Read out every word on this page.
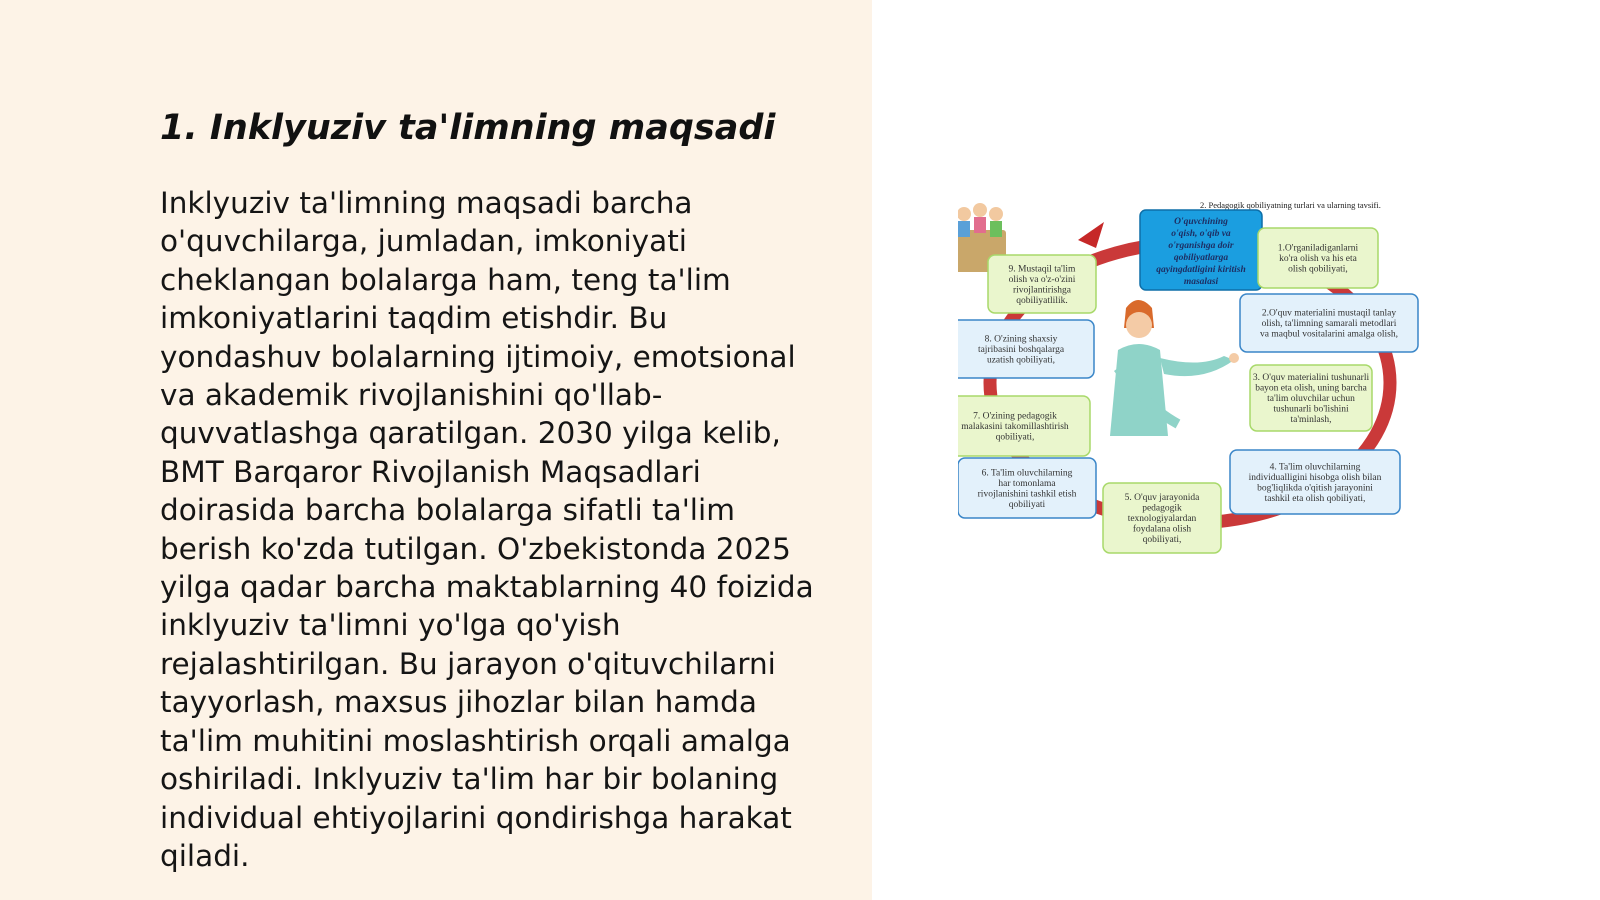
1. Inklyuziv ta'limning maqsadi

Inklyuziv ta'limning maqsadi barcha o'quvchilarga, jumladan, imkoniyati cheklangan bolalarga ham, teng ta'lim imkoniyatlarini taqdim etishdir. Bu yondashuv bolalarning ijtimoiy, emotsional va akademik rivojlanishini qo'llab-quvvatlashga qaratilgan. 2030 yilga kelib, BMT Barqaror Rivojlanish Maqsadlari doirasida barcha bolalarga sifatli ta'lim berish ko'zda tutilgan. O'zbekistonda 2025 yilga qadar barcha maktablarning 40 foizida inklyuziv ta'limni yo'lga qo'yish rejalashtirilgan. Bu jarayon o'qituvchilarni tayyorlash, maxsus jihozlar bilan hamda ta'lim muhitini moslashtirish orqali amalga oshiriladi. Inklyuziv ta'lim har bir bolaning individual ehtiyojlarini qondirishga harakat qiladi.

2. Pedagogik qobiliyatning turlari va ularning tavsifi.
O'quvchining
o'qish, o'qib va
o'rganishga doir
qobiliyatlarga
qayingdatligini kiritish
masalasi
1.O'rganiladiganlarni
ko'ra olish va his eta
olish qobiliyati,
2.O'quv materialini mustaqil tanlay
olish, ta'limning samarali metodlari
va maqbul vositalarini amalga olish,
3. O'quv materialini tushunarli
bayon eta olish, uning barcha
ta'lim oluvchilar uchun
tushunarli bo'lishini
ta'minlash,
4. Ta'lim oluvchilarning
individualligini hisobga olish bilan
bog'liqlikda o'qitish jarayonini
tashkil eta olish qobiliyati,
5. O'quv jarayonida
pedagogik
texnologiyalardan
foydalana olish
qobiliyati,
6. Ta'lim oluvchilarning
har tomonlama
rivojlanishini tashkil etish
qobiliyati
7. O'zining pedagogik
malakasini takomillashtirish
qobiliyati,
8. O'zining shaxsiy
tajribasini boshqalarga
uzatish qobiliyati,
9. Mustaqil ta'lim
olish va o'z-o'zini
rivojlantirishga
qobiliyatlilik.
